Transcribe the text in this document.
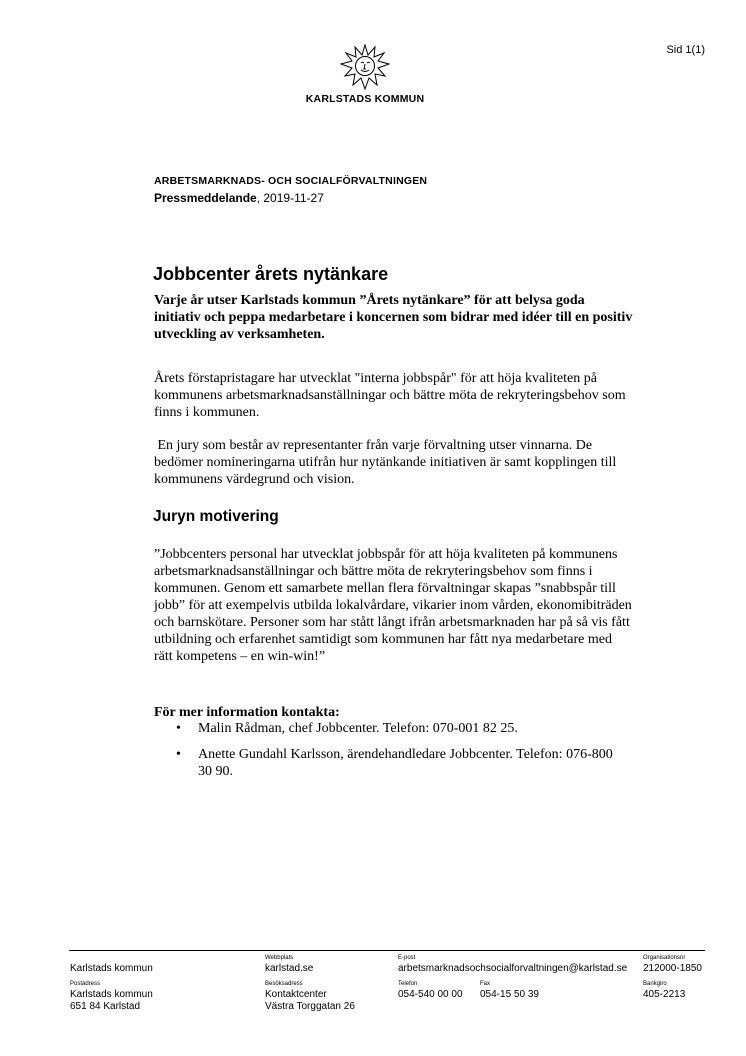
Sid 1(1)
KARLSTADS KOMMUN
ARBETSMARKNADS- OCH SOCIALFÖRVALTNINGEN
Pressmeddelande, 2019-11-27
Jobbcenter årets nytänkare

Varje år utser Karlstads kommun ”Årets nytänkare” för att belysa goda initiativ och peppa medarbetare i koncernen som bidrar med idéer till en positiv utveckling av verksamheten.

Årets förstapristagare har utvecklat "interna jobbspår" för att höja kvaliteten på kommunens arbetsmarknadsanställningar och bättre möta de rekryteringsbehov som finns i kommunen.

En jury som består av representanter från varje förvaltning utser vinnarna. De bedömer nomineringarna utifrån hur nytänkande initiativen är samt kopplingen till kommunens värdegrund och vision.

Juryn motivering

”Jobbcenters personal har utvecklat jobbspår för att höja kvaliteten på kommunens arbetsmarknadsanställningar och bättre möta de rekryteringsbehov som finns i kommunen. Genom ett samarbete mellan flera förvaltningar skapas ”snabbspår till jobb” för att exempelvis utbilda lokalvårdare, vikarier inom vården, ekonomibiträden och barnskötare. Personer som har stått långt ifrån arbetsmarknaden har på så vis fått utbildning och erfarenhet samtidigt som kommunen har fått nya medarbetare med rätt kompetens – en win-win!”

För mer information kontakta:

• Malin Rådman, chef Jobbcenter. Telefon: 070-001 82 25.
• Anette Gundahl Karlsson, ärendehandledare Jobbcenter. Telefon: 076-800 30 90.
Karlstads kommun
Webbplats
karlstad.se
E-post
arbetsmarknadsochsocialforvaltningen@karlstad.se
Organisationsnr
212000-1850
Postadress
Karlstads kommun
651 84 Karlstad
Besöksadress
Kontaktcenter
Västra Torggatan 26
Telefon
054-540 00 00
Fax
054-15 50 39
Bankgiro
405-2213
